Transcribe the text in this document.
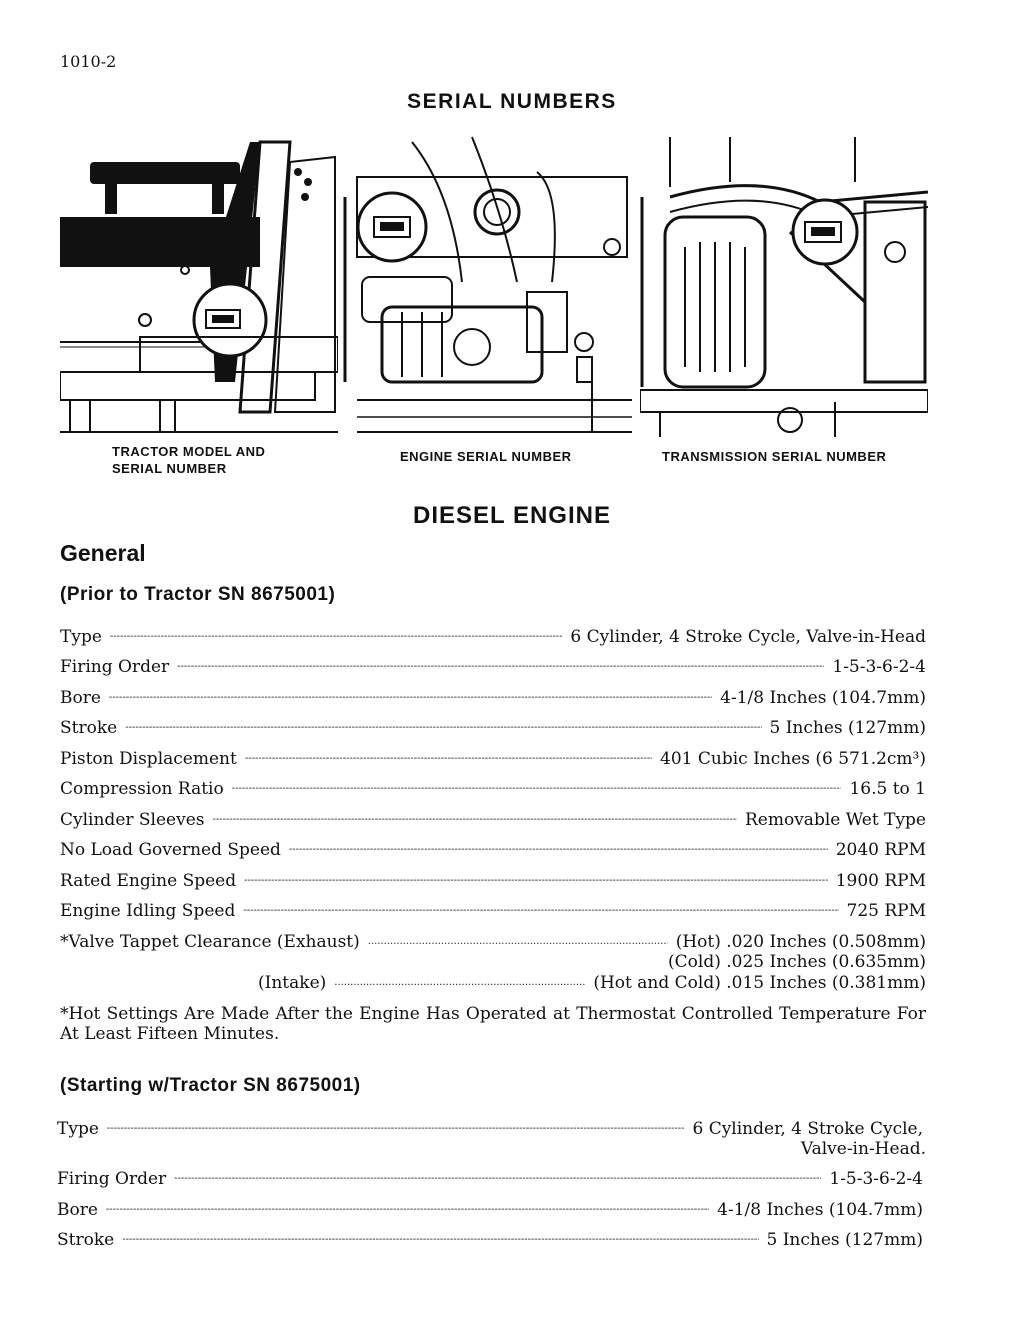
1010-2
SERIAL NUMBERS
TRACTOR MODEL AND
SERIAL NUMBER
ENGINE SERIAL NUMBER	TRANSMISSION SERIAL NUMBER
DIESEL ENGINE
General
(Prior to Tractor SN 8675001)
Type -----	6 Cylinder, 4 Stroke Cycle, Valve-in-Head
Firing Order -----	1-5-3-6-2-4
Bore -----	4-1/8 Inches (104.7mm)
Stroke -----	5 Inches (127mm)
Piston Displacement -----	401 Cubic Inches (6 571.2cm³)
Compression Ratio -----	16.5 to 1
Cylinder Sleeves -----	Removable Wet Type
No Load Governed Speed -----	2040 RPM
Rated Engine Speed -----	1900 RPM
Engine Idling Speed -----	725 RPM
*Valve Tappet Clearance (Exhaust) .....	(Hot) .020 Inches (0.508mm)
(Cold) .025 Inches (0.635mm)
(Intake) .....	(Hot and Cold) .015 Inches (0.381mm)
*Hot Settings Are Made After the Engine Has Operated at Thermostat Controlled Temperature For At Least Fifteen Minutes.
(Starting w/Tractor SN 8675001)
Type -----	6 Cylinder, 4 Stroke Cycle,
Valve-in-Head.
Firing Order -----	1-5-3-6-2-4
Bore -----	4-1/8 Inches (104.7mm)
Stroke -----	5 Inches (127mm)
